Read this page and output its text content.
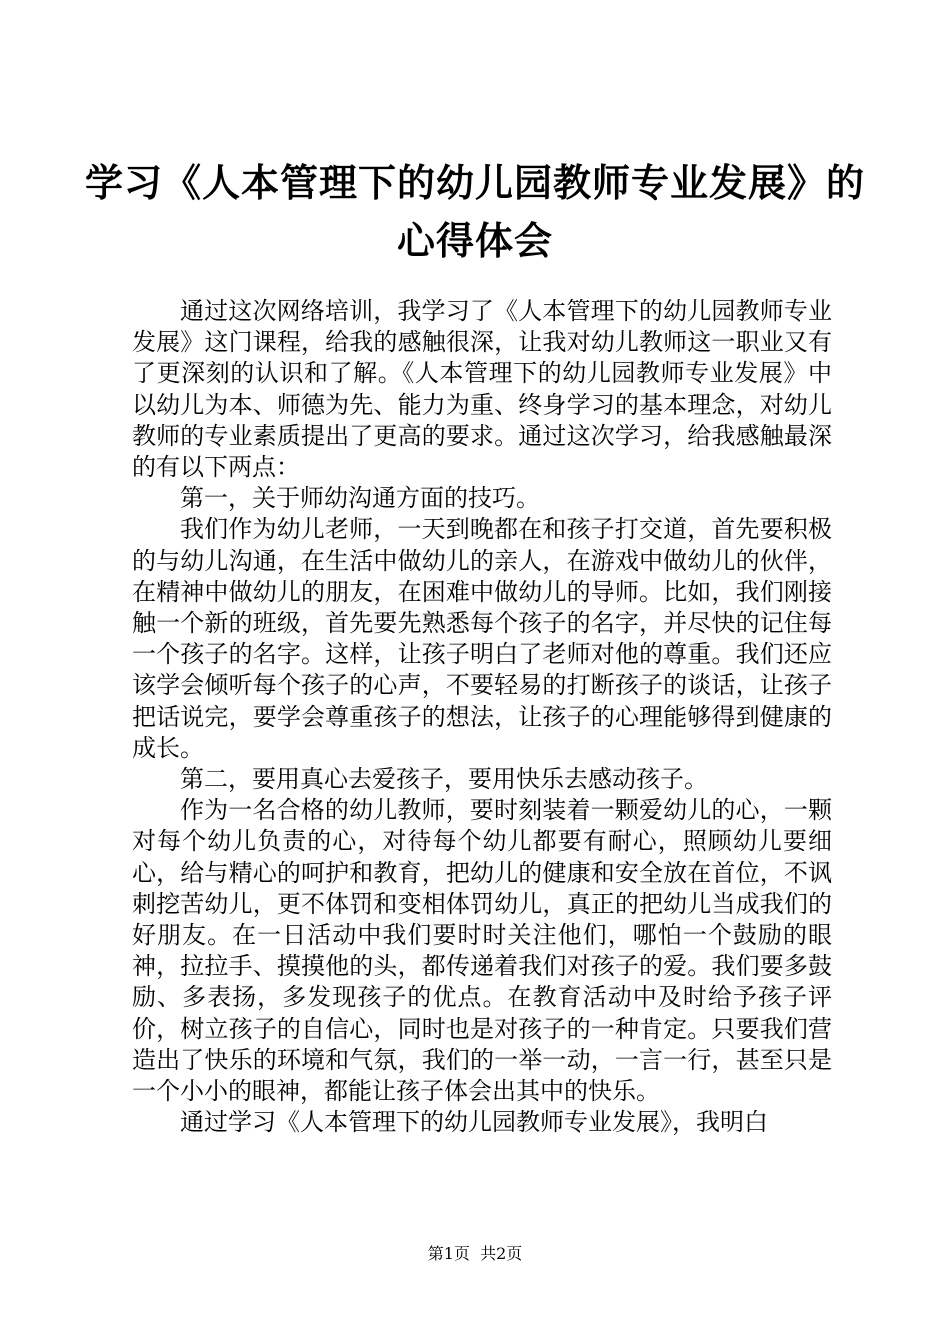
学习《人本管理下的幼儿园教师专业发展》的
心得体会

通过这次网络培训，我学习了《人本管理下的幼儿园教师专业发展》这门课程，给我的感触很深，让我对幼儿教师这一职业又有了更深刻的认识和了解。《人本管理下的幼儿园教师专业发展》中以幼儿为本、师德为先、能力为重、终身学习的基本理念，对幼儿教师的专业素质提出了更高的要求。通过这次学习，给我感触最深的有以下两点：

第一，关于师幼沟通方面的技巧。

我们作为幼儿老师，一天到晚都在和孩子打交道，首先要积极的与幼儿沟通，在生活中做幼儿的亲人，在游戏中做幼儿的伙伴，在精神中做幼儿的朋友，在困难中做幼儿的导师。比如，我们刚接触一个新的班级，首先要先熟悉每个孩子的名字，并尽快的记住每一个孩子的名字。这样，让孩子明白了老师对他的尊重。我们还应该学会倾听每个孩子的心声，不要轻易的打断孩子的谈话，让孩子把话说完，要学会尊重孩子的想法，让孩子的心理能够得到健康的成长。

第二，要用真心去爱孩子，要用快乐去感动孩子。

作为一名合格的幼儿教师，要时刻装着一颗爱幼儿的心，一颗对每个幼儿负责的心，对待每个幼儿都要有耐心，照顾幼儿要细心，给与精心的呵护和教育，把幼儿的健康和安全放在首位，不讽刺挖苦幼儿，更不体罚和变相体罚幼儿，真正的把幼儿当成我们的好朋友。在一日活动中我们要时时关注他们，哪怕一个鼓励的眼神，拉拉手、摸摸他的头，都传递着我们对孩子的爱。我们要多鼓励、多表扬，多发现孩子的优点。在教育活动中及时给予孩子评价，树立孩子的自信心，同时也是对孩子的一种肯定。只要我们营造出了快乐的环境和气氛，我们的一举一动，一言一行，甚至只是一个小小的眼神，都能让孩子体会出其中的快乐。

通过学习《人本管理下的幼儿园教师专业发展》，我明白

第1页  共2页
